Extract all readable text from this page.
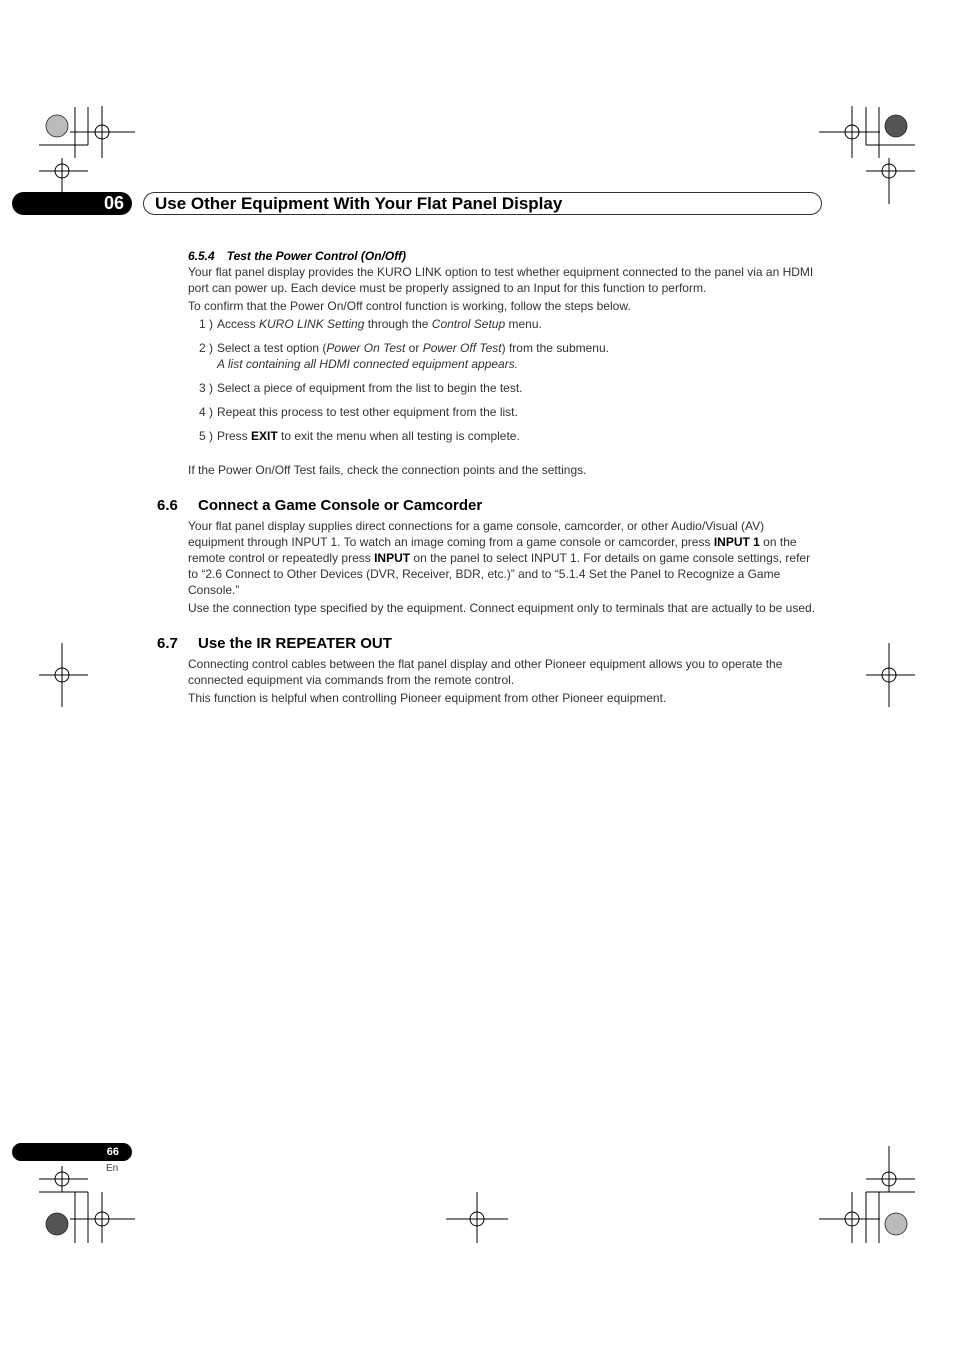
06	Use Other Equipment With Your Flat Panel Display
6.5.4 Test the Power Control (On/Off)

Your flat panel display provides the KURO LINK option to test whether equipment connected to the panel via an HDMI port can power up. Each device must be properly assigned to an Input for this function to perform.

To confirm that the Power On/Off control function is working, follow the steps below.

1 ) Access KURO LINK Setting through the Control Setup menu.
2 ) Select a test option (Power On Test or Power Off Test) from the submenu.
A list containing all HDMI connected equipment appears.
3 ) Select a piece of equipment from the list to begin the test.
4 ) Repeat this process to test other equipment from the list.
5 ) Press EXIT to exit the menu when all testing is complete.

If the Power On/Off Test fails, check the connection points and the settings.

6.6 Connect a Game Console or Camcorder

Your flat panel display supplies direct connections for a game console, camcorder, or other Audio/Visual (AV) equipment through INPUT 1. To watch an image coming from a game console or camcorder, press INPUT 1 on the remote control or repeatedly press INPUT on the panel to select INPUT 1. For details on game console settings, refer to “2.6 Connect to Other Devices (DVR, Receiver, BDR, etc.)” and to “5.1.4 Set the Panel to Recognize a Game Console.”

Use the connection type specified by the equipment. Connect equipment only to terminals that are actually to be used.

6.7 Use the IR REPEATER OUT

Connecting control cables between the flat panel display and other Pioneer equipment allows you to operate the connected equipment via commands from the remote control.

This function is helpful when controlling Pioneer equipment from other Pioneer equipment.

66
En
